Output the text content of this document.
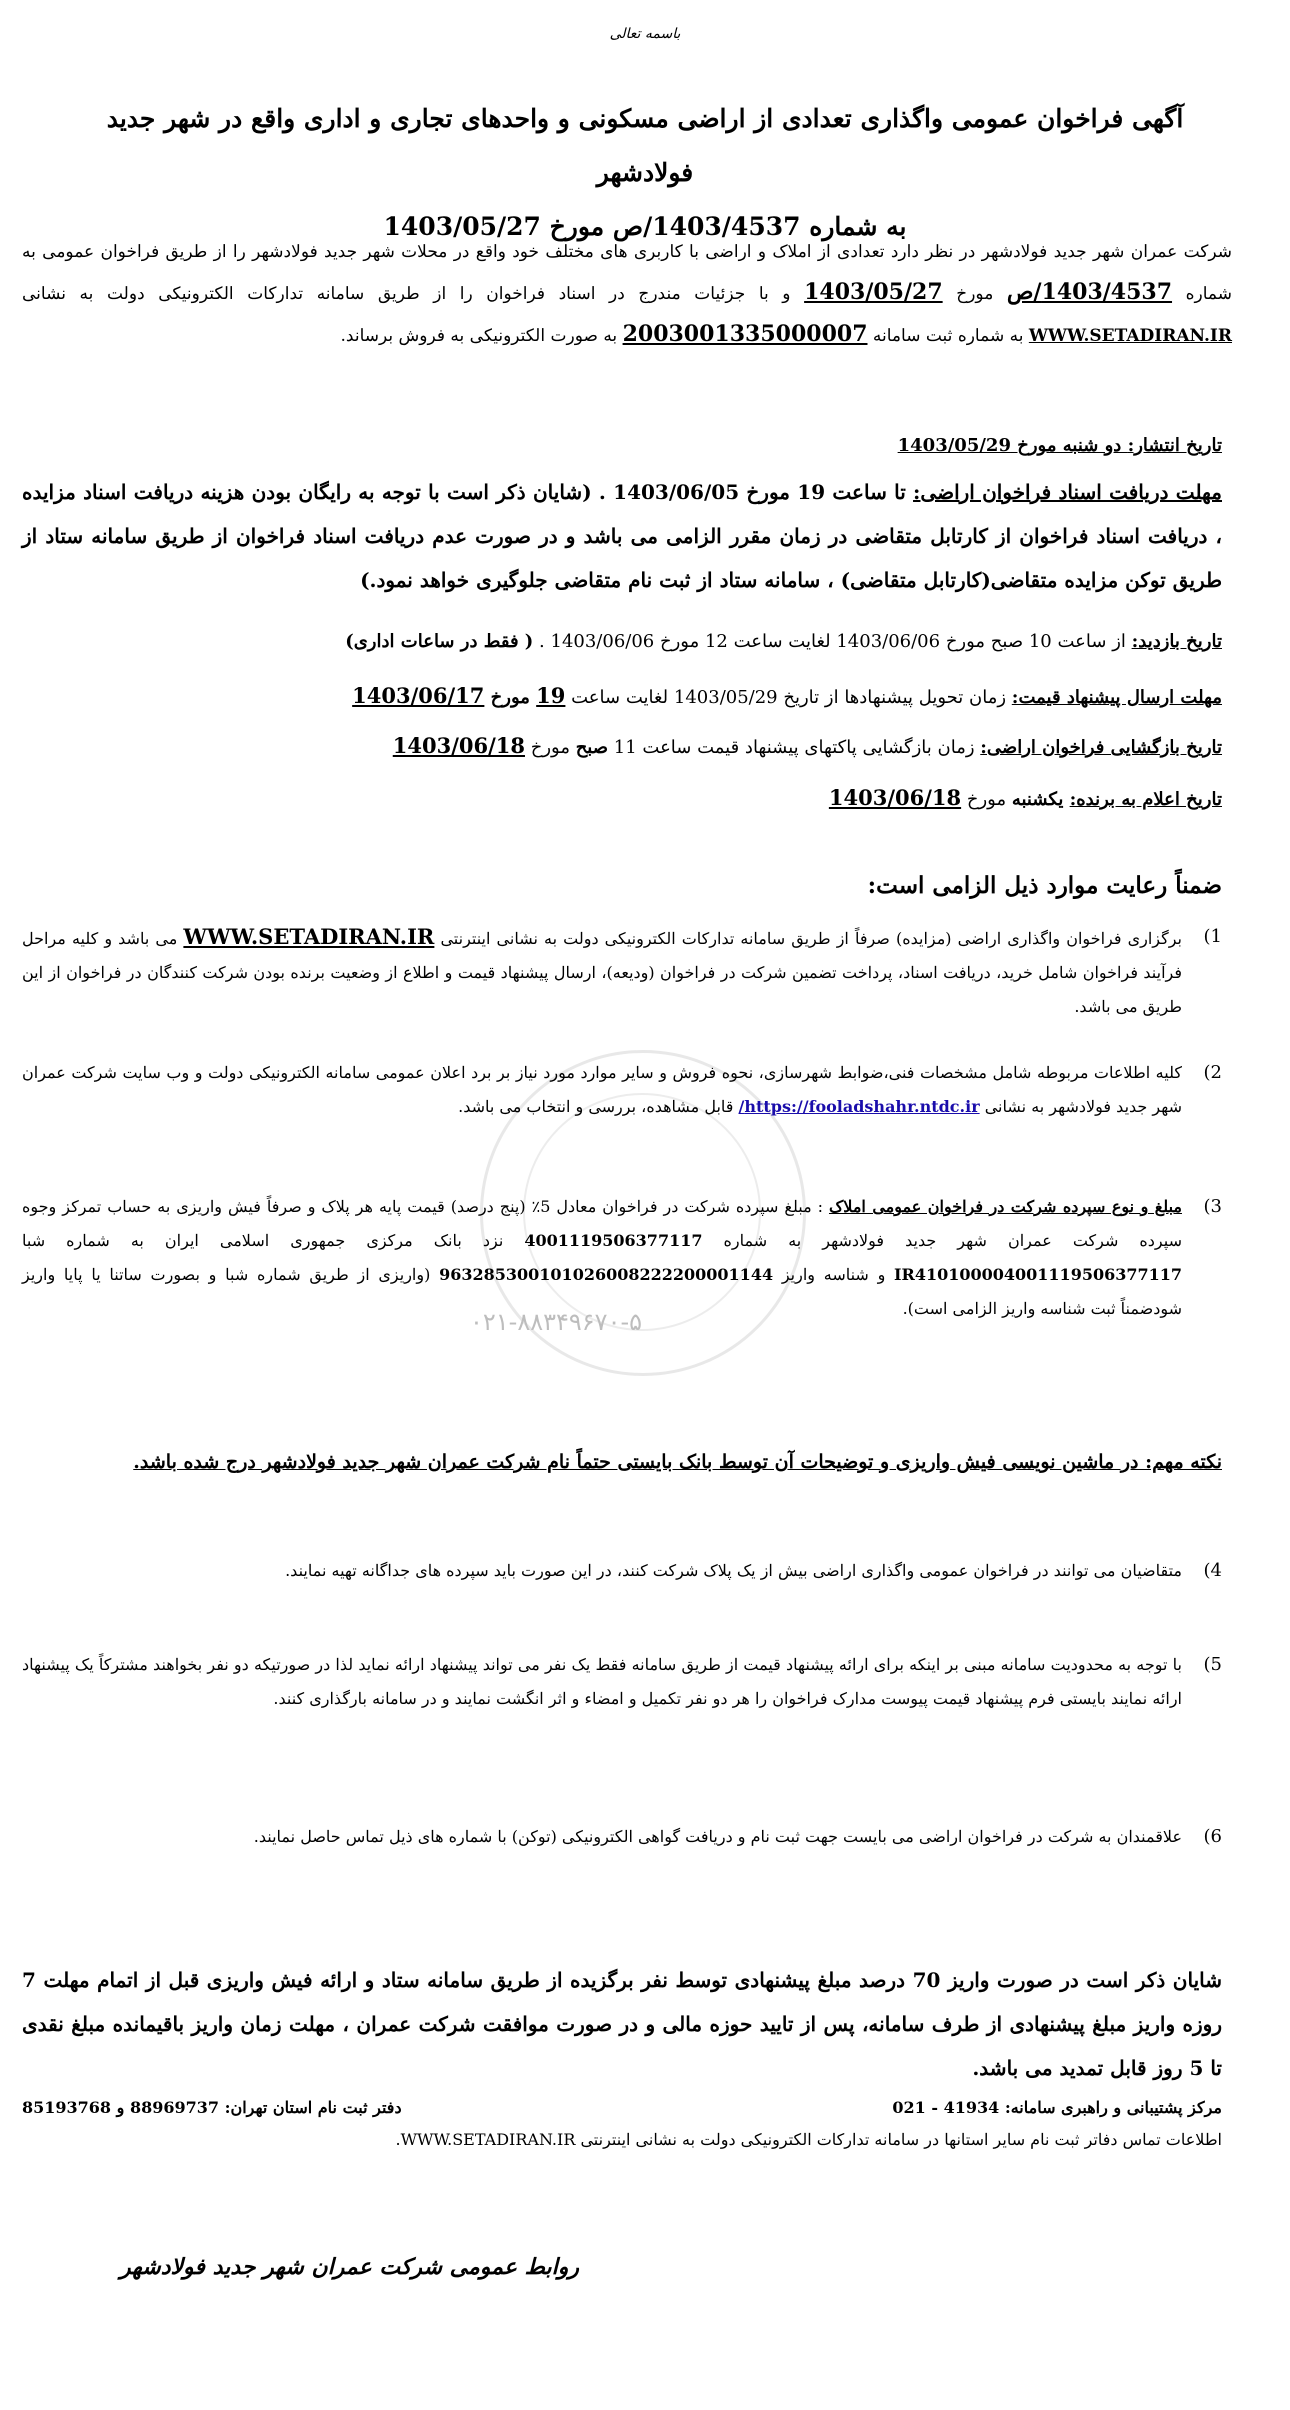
باسمه تعالی
آگهی فراخوان عمومی واگذاری تعدادی از اراضی مسکونی و واحدهای تجاری و اداری واقع در شهر جدید فولادشهر
به شماره 1403/4537/ص مورخ 1403/05/27
شرکت عمران شهر جدید فولادشهر در نظر دارد تعدادی از املاک و اراضی با کاربری های مختلف خود واقع در محلات شهر جدید فولادشهر را از طریق فراخوان عمومی به شماره 1403/4537/ص مورخ 1403/05/27 و با جزئیات مندرج در اسناد فراخوان را از طریق سامانه تدارکات الکترونیکی دولت به نشانی WWW.SETADIRAN.IR به شماره ثبت سامانه 2003001335000007 به صورت الکترونیکی به فروش برساند.
تاریخ انتشار: دو شنبه مورخ 1403/05/29
مهلت دریافت اسناد فراخوان اراضی: تا ساعت 19 مورخ 1403/06/05 . (شایان ذکر است با توجه به رایگان بودن هزینه دریافت اسناد مزایده ، دریافت اسناد فراخوان از کارتابل متقاضی در زمان مقرر الزامی می باشد و در صورت عدم دریافت اسناد فراخوان از طریق سامانه ستاد از طریق توکن مزایده متقاضی(کارتابل متقاضی) ، سامانه ستاد از ثبت نام متقاضی جلوگیری خواهد نمود.)
تاریخ بازدید: از ساعت 10 صبح مورخ 1403/06/06 لغایت ساعت 12 مورخ 1403/06/06 . ( فقط در ساعات اداری)
مهلت ارسال پیشنهاد قیمت: زمان تحویل پیشنهادها از تاریخ 1403/05/29 لغایت ساعت 19 مورخ 1403/06/17
تاریخ بازگشایی فراخوان اراضی: زمان بازگشایی پاکتهای پیشنهاد قیمت ساعت 11 صبح مورخ 1403/06/18
تاریخ اعلام به برنده: یکشنبه مورخ 1403/06/18
ضمناً رعایت موارد ذیل الزامی است:
۰۲۱-۸۸۳۴۹۶۷۰-۵
1)
برگزاری فراخوان واگذاری اراضی (مزایده) صرفاً از طریق سامانه تدارکات الکترونیکی دولت به نشانی اینترنتی WWW.SETADIRAN.IR می باشد و کلیه مراحل فرآیند فراخوان شامل خرید، دریافت اسناد، پرداخت تضمین شرکت در فراخوان (ودیعه)، ارسال پیشنهاد قیمت و اطلاع از وضعیت برنده بودن شرکت کنندگان در فراخوان از این طریق می باشد.
2)
کلیه اطلاعات مربوطه شامل مشخصات فنی،ضوابط شهرسازی، نحوه فروش و سایر موارد مورد نیاز بر برد اعلان عمومی سامانه الکترونیکی دولت و وب سایت شرکت عمران شهر جدید فولادشهر به نشانی https://fooladshahr.ntdc.ir/ قابل مشاهده، بررسی و انتخاب می باشد.
3)
مبلغ و نوع سپرده شرکت در فراخوان عمومی املاک : مبلغ سپرده شرکت در فراخوان معادل 5٪ (پنج درصد) قیمت پایه هر پلاک و صرفاً فیش واریزی به حساب تمرکز وجوه سپرده شرکت عمران شهر جدید فولادشهر به شماره 4001119506377117 نزد بانک مرکزی جمهوری اسلامی ایران به شماره شبا IR410100004001119506377117 و شناسه واریز 963285300101026008222200001144 (واریزی از طریق شماره شبا و بصورت ساتنا یا پایا واریز شودضمناً ثبت شناسه واریز الزامی است).
نکته مهم: در ماشین نویسی فیش واریزی و توضیحات آن توسط بانک بایستی حتماً نام شرکت عمران شهر جدید فولادشهر درج شده باشد.
4)
متقاضیان می توانند در فراخوان عمومی واگذاری اراضی بیش از یک پلاک شرکت کنند، در این صورت باید سپرده های جداگانه تهیه نمایند.
5)
با توجه به محدودیت سامانه مبنی بر اینکه برای ارائه پیشنهاد قیمت از طریق سامانه فقط یک نفر می تواند پیشنهاد ارائه نماید لذا در صورتیکه دو نفر بخواهند مشترکاً یک پیشنهاد ارائه نمایند بایستی فرم پیشنهاد قیمت پیوست مدارک فراخوان را هر دو نفر تکمیل و امضاء و اثر انگشت نمایند و در سامانه بارگذاری کنند.
6)
علاقمندان به شرکت در فراخوان اراضی می بایست جهت ثبت نام و دریافت گواهی الکترونیکی (توکن) با شماره های ذیل تماس حاصل نمایند.
شایان ذکر است در صورت واریز 70 درصد مبلغ پیشنهادی توسط نفر برگزیده از طریق سامانه ستاد و ارائه فیش واریزی قبل از اتمام مهلت 7 روزه واریز مبلغ پیشنهادی از طرف سامانه، پس از تایید حوزه مالی و در صورت موافقت شرکت عمران ، مهلت زمان واریز باقیمانده مبلغ نقدی تا 5 روز قابل تمدید می باشد.
مرکز پشتیبانی و راهبری سامانه: 41934 - 021
دفتر ثبت نام استان تهران: 88969737 و 85193768
اطلاعات تماس دفاتر ثبت نام سایر استانها در سامانه تدارکات الکترونیکی دولت به نشانی اینترنتی WWW.SETADIRAN.IR.
روابط عمومی شرکت عمران شهر جدید فولادشهر
